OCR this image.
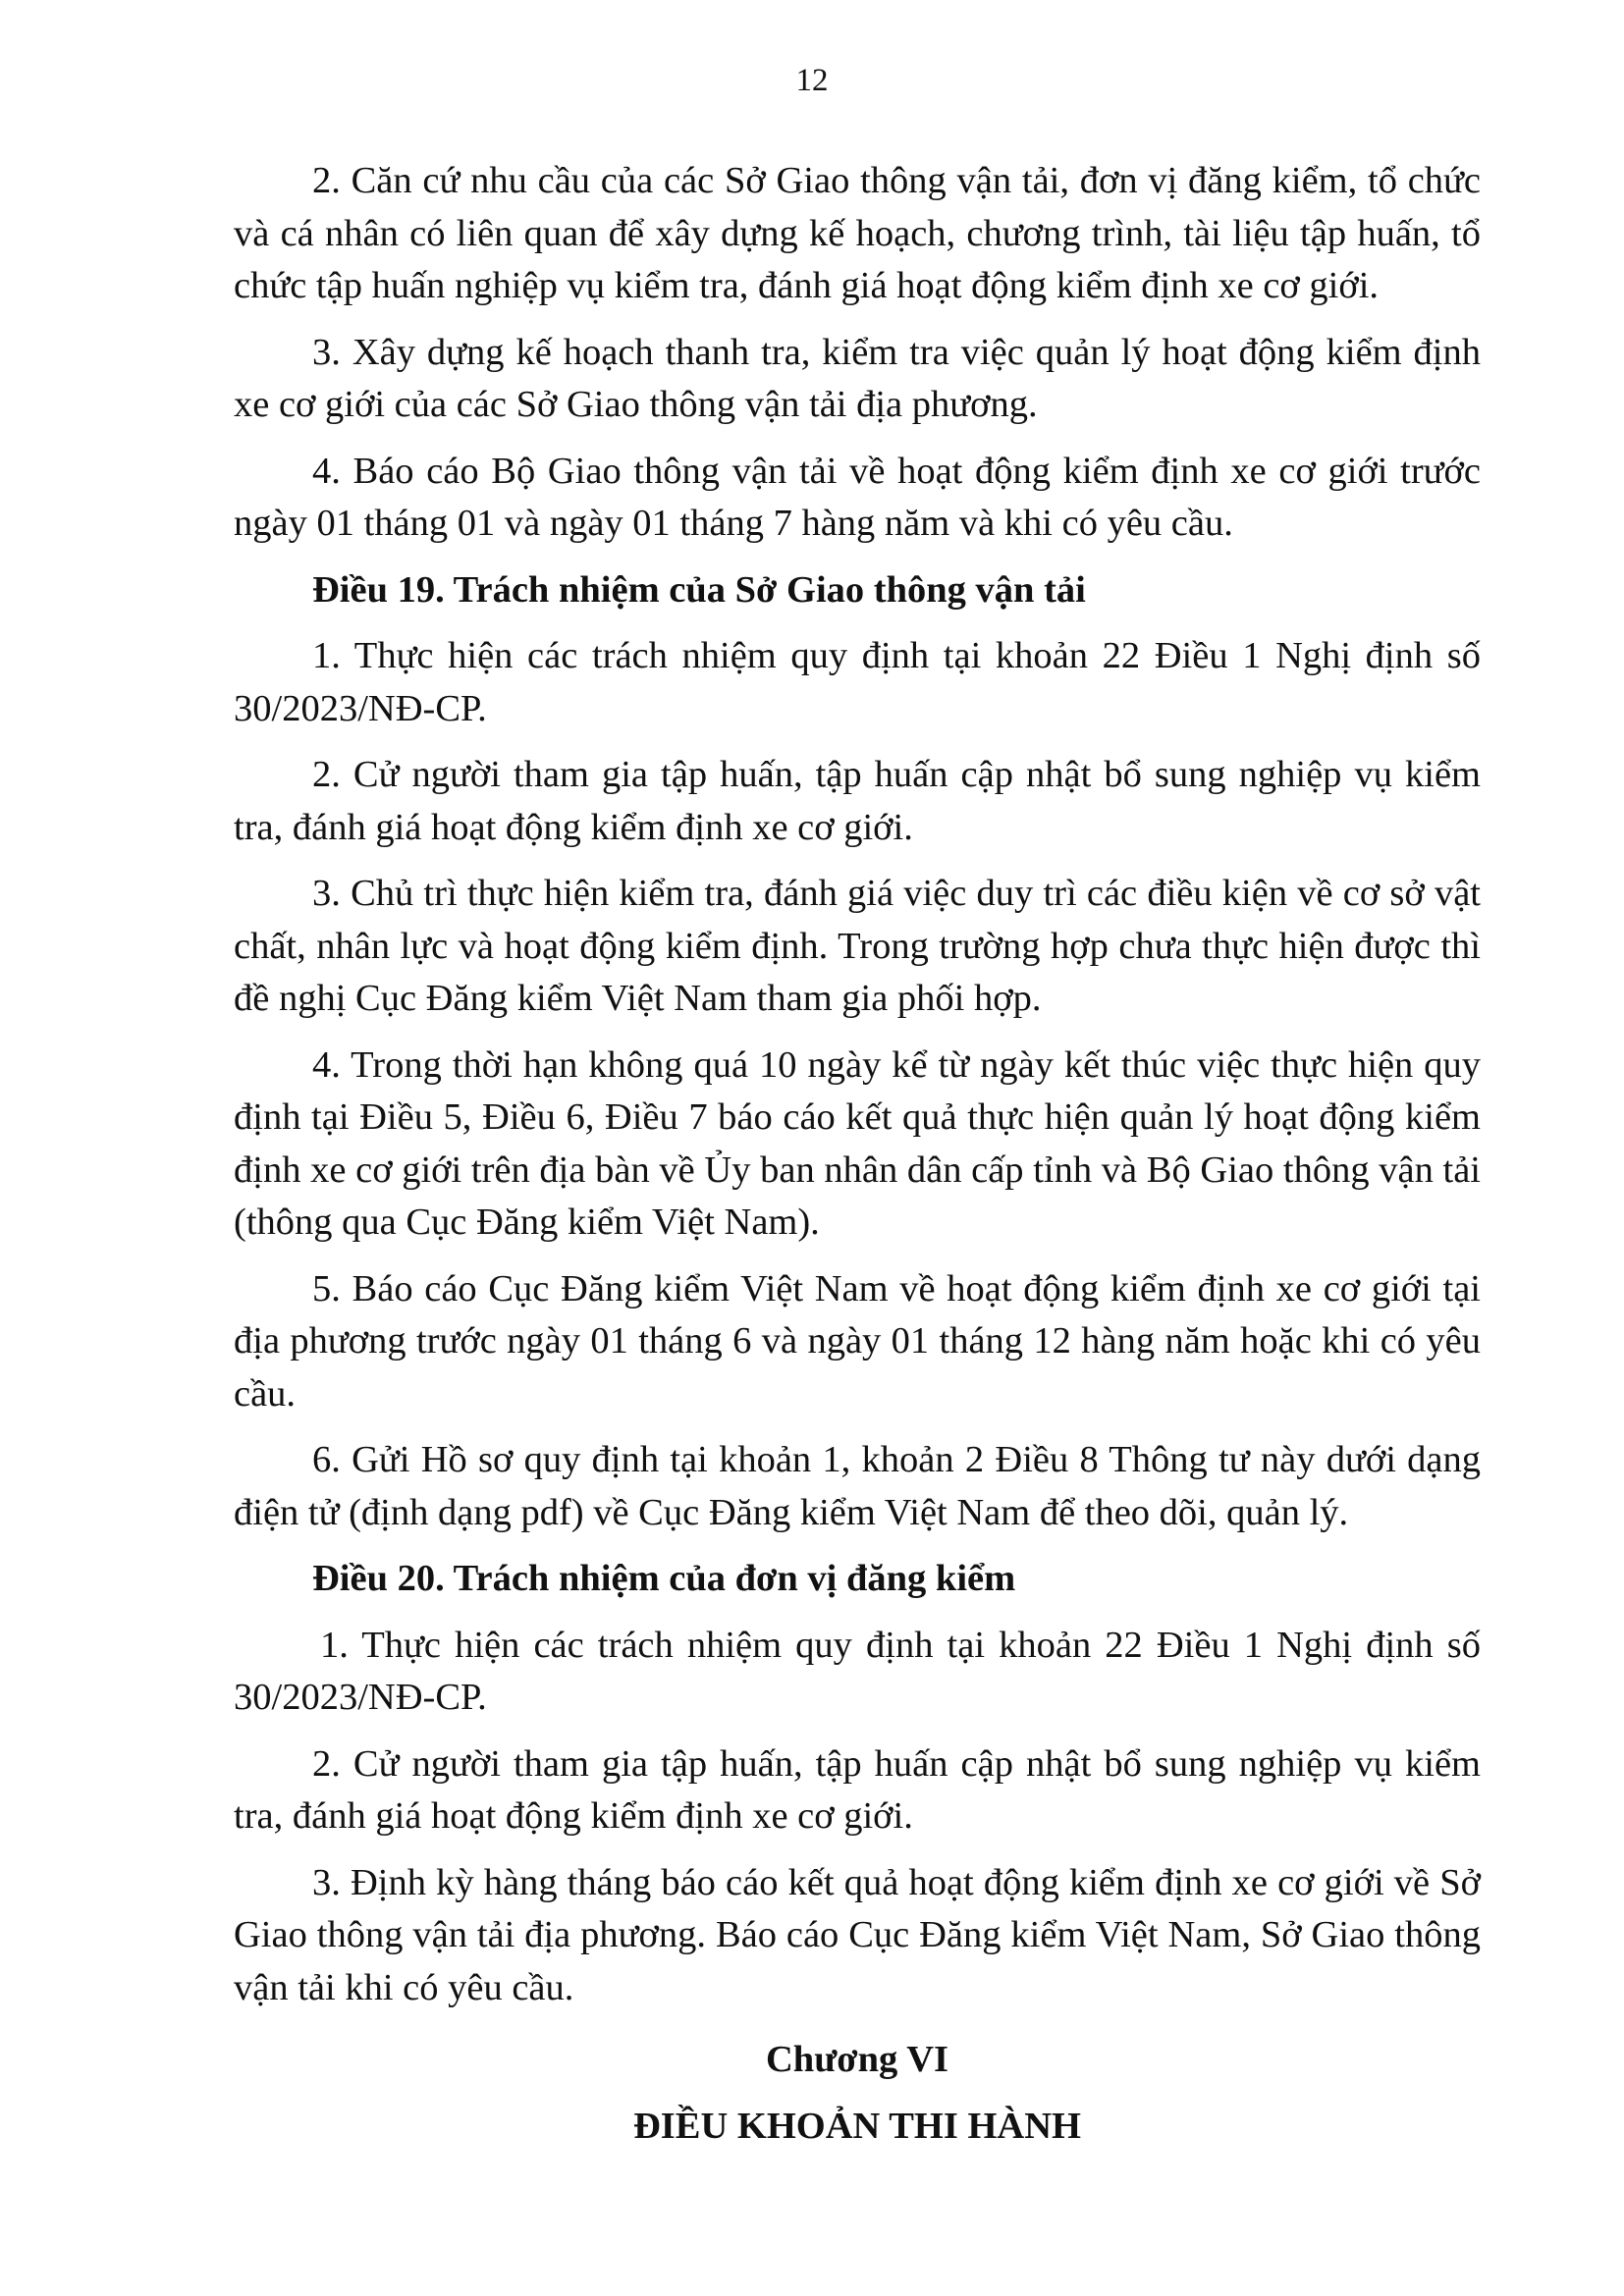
12

2. Căn cứ nhu cầu của các Sở Giao thông vận tải, đơn vị đăng kiểm, tổ chức và cá nhân có liên quan để xây dựng kế hoạch, chương trình, tài liệu tập huấn, tổ chức tập huấn nghiệp vụ kiểm tra, đánh giá hoạt động kiểm định xe cơ giới.

3. Xây dựng kế hoạch thanh tra, kiểm tra việc quản lý hoạt động kiểm định xe cơ giới của các Sở Giao thông vận tải địa phương.

4. Báo cáo Bộ Giao thông vận tải về hoạt động kiểm định xe cơ giới trước ngày 01 tháng 01 và ngày 01 tháng 7 hàng năm và khi có yêu cầu.

Điều 19. Trách nhiệm của Sở Giao thông vận tải

1. Thực hiện các trách nhiệm quy định tại khoản 22 Điều 1 Nghị định số 30/2023/NĐ-CP.

2. Cử người tham gia tập huấn, tập huấn cập nhật bổ sung nghiệp vụ kiểm tra, đánh giá hoạt động kiểm định xe cơ giới.

3. Chủ trì thực hiện kiểm tra, đánh giá việc duy trì các điều kiện về cơ sở vật chất, nhân lực và hoạt động kiểm định. Trong trường hợp chưa thực hiện được thì đề nghị Cục Đăng kiểm Việt Nam tham gia phối hợp.

4. Trong thời hạn không quá 10 ngày kể từ ngày kết thúc việc thực hiện quy định tại Điều 5, Điều 6, Điều 7 báo cáo kết quả thực hiện quản lý hoạt động kiểm định xe cơ giới trên địa bàn về Ủy ban nhân dân cấp tỉnh và Bộ Giao thông vận tải (thông qua Cục Đăng kiểm Việt Nam).

5. Báo cáo Cục Đăng kiểm Việt Nam về hoạt động kiểm định xe cơ giới tại địa phương trước ngày 01 tháng 6 và ngày 01 tháng 12 hàng năm hoặc khi có yêu cầu.

6. Gửi Hồ sơ quy định tại khoản 1, khoản 2 Điều 8 Thông tư này dưới dạng điện tử (định dạng pdf) về Cục Đăng kiểm Việt Nam để theo dõi, quản lý.

Điều 20. Trách nhiệm của đơn vị đăng kiểm

1. Thực hiện các trách nhiệm quy định tại khoản 22 Điều 1 Nghị định số 30/2023/NĐ-CP.

2. Cử người tham gia tập huấn, tập huấn cập nhật bổ sung nghiệp vụ kiểm tra, đánh giá hoạt động kiểm định xe cơ giới.

3. Định kỳ hàng tháng báo cáo kết quả hoạt động kiểm định xe cơ giới về Sở Giao thông vận tải địa phương. Báo cáo Cục Đăng kiểm Việt Nam, Sở Giao thông vận tải khi có yêu cầu.

Chương VI

ĐIỀU KHOẢN THI HÀNH
